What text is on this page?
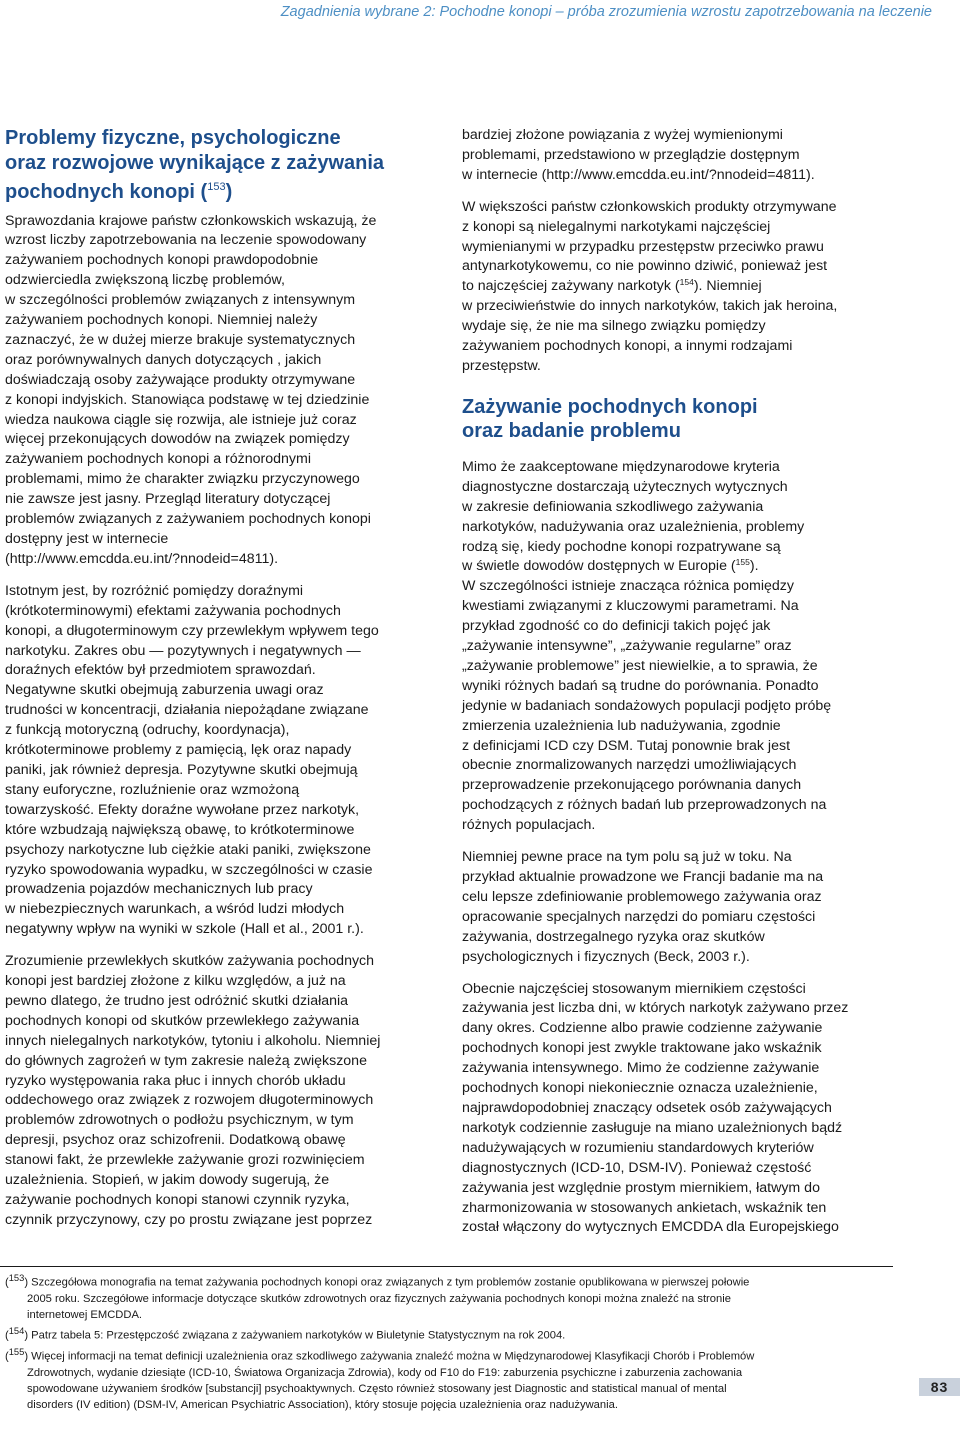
Zagadnienia wybrane 2: Pochodne konopi – próba zrozumienia wzrostu zapotrzebowania na leczenie
Problemy fizyczne, psychologiczne
oraz rozwojowe wynikające z zażywania
pochodnych konopi ($^{153}$)

Sprawozdania krajowe państw członkowskich wskazują, że
wzrost liczby zapotrzebowania na leczenie spowodowany
zażywaniem pochodnych konopi prawdopodobnie
odzwierciedla zwiększoną liczbę problemów,
w szczególności problemów związanych z intensywnym
zażywaniem pochodnych konopi. Niemniej należy
zaznaczyć, że w dużej mierze brakuje systematycznych
oraz porównywalnych danych dotyczących , jakich
doświadczają osoby zażywające produkty otrzymywane
z konopi indyjskich. Stanowiąca podstawę w tej dziedzinie
wiedza naukowa ciągle się rozwija, ale istnieje już coraz
więcej przekonujących dowodów na związek pomiędzy
zażywaniem pochodnych konopi a różnorodnymi
problemami, mimo że charakter związku przyczynowego
nie zawsze jest jasny. Przegląd literatury dotyczącej
problemów związanych z zażywaniem pochodnych konopi
dostępny jest w internecie
(http://www.emcdda.eu.int/?nnodeid=4811).

Istotnym jest, by rozróżnić pomiędzy doraźnymi
(krótkoterminowymi) efektami zażywania pochodnych
konopi, a długoterminowym czy przewlekłym wpływem tego
narkotyku. Zakres obu — pozytywnych i negatywnych —
doraźnych efektów był przedmiotem sprawozdań.
Negatywne skutki obejmują zaburzenia uwagi oraz
trudności w koncentracji, działania niepożądane związane
z funkcją motoryczną (odruchy, koordynacja),
krótkoterminowe problemy z pamięcią, lęk oraz napady
paniki, jak również depresja. Pozytywne skutki obejmują
stany euforyczne, rozluźnienie oraz wzmożoną
towarzyskość. Efekty doraźne wywołane przez narkotyk,
które wzbudzają największą obawę, to krótkoterminowe
psychozy narkotyczne lub ciężkie ataki paniki, zwiększone
ryzyko spowodowania wypadku, w szczególności w czasie
prowadzenia pojazdów mechanicznych lub pracy
w niebezpiecznych warunkach, a wśród ludzi młodych
negatywny wpływ na wyniki w szkole (Hall et al., 2001 r.).

Zrozumienie przewlekłych skutków zażywania pochodnych
konopi jest bardziej złożone z kilku względów, a już na
pewno dlatego, że trudno jest odróżnić skutki działania
pochodnych konopi od skutków przewlekłego zażywania
innych nielegalnych narkotyków, tytoniu i alkoholu. Niemniej
do głównych zagrożeń w tym zakresie należą zwiększone
ryzyko występowania raka płuc i innych chorób układu
oddechowego oraz związek z rozwojem długoterminowych
problemów zdrowotnych o podłożu psychicznym, w tym
depresji, psychoz oraz schizofrenii. Dodatkową obawę
stanowi fakt, że przewlekłe zażywanie grozi rozwinięciem
uzależnienia. Stopień, w jakim dowody sugerują, że
zażywanie pochodnych konopi stanowi czynnik ryzyka,
czynnik przyczynowy, czy po prostu związane jest poprzez

bardziej złożone powiązania z wyżej wymienionymi
problemami, przedstawiono w przeglądzie dostępnym
w internecie (http://www.emcdda.eu.int/?nnodeid=4811).

W większości państw członkowskich produkty otrzymywane
z konopi są nielegalnymi narkotykami najczęściej
wymienianymi w przypadku przestępstw przeciwko prawu
antynarkotykowemu, co nie powinno dziwić, ponieważ jest
to najczęściej zażywany narkotyk ($^{154}$). Niemniej
w przeciwieństwie do innych narkotyków, takich jak heroina,
wydaje się, że nie ma silnego związku pomiędzy
zażywaniem pochodnych konopi, a innymi rodzajami
przestępstw.

Zażywanie pochodnych konopi
oraz badanie problemu

Mimo że zaakceptowane międzynarodowe kryteria
diagnostyczne dostarczają użytecznych wytycznych
w zakresie definiowania szkodliwego zażywania
narkotyków, nadużywania oraz uzależnienia, problemy
rodzą się, kiedy pochodne konopi rozpatrywane są
w świetle dowodów dostępnych w Europie ($^{155}$).
W szczególności istnieje znacząca różnica pomiędzy
kwestiami związanymi z kluczowymi parametrami. Na
przykład zgodność co do definicji takich pojęć jak
„zażywanie intensywne”, „zażywanie regularne” oraz
„zażywanie problemowe” jest niewielkie, a to sprawia, że
wyniki różnych badań są trudne do porównania. Ponadto
jedynie w badaniach sondażowych populacji podjęto próbę
zmierzenia uzależnienia lub nadużywania, zgodnie
z definicjami ICD czy DSM. Tutaj ponownie brak jest
obecnie znormalizowanych narzędzi umożliwiających
przeprowadzenie przekonującego porównania danych
pochodzących z różnych badań lub przeprowadzonych na
różnych populacjach.

Niemniej pewne prace na tym polu są już w toku. Na
przykład aktualnie prowadzone we Francji badanie ma na
celu lepsze zdefiniowanie problemowego zażywania oraz
opracowanie specjalnych narzędzi do pomiaru częstości
zażywania, dostrzegalnego ryzyka oraz skutków
psychologicznych i fizycznych (Beck, 2003 r.).

Obecnie najczęściej stosowanym miernikiem częstości
zażywania jest liczba dni, w których narkotyk zażywano przez
dany okres. Codzienne albo prawie codzienne zażywanie
pochodnych konopi jest zwykle traktowane jako wskaźnik
zażywania intensywnego. Mimo że codzienne zażywanie
pochodnych konopi niekoniecznie oznacza uzależnienie,
najprawdopodobniej znaczący odsetek osób zażywających
narkotyk codziennie zasługuje na miano uzależnionych bądź
nadużywających w rozumieniu standardowych kryteriów
diagnostycznych (ICD-10, DSM-IV). Ponieważ częstość
zażywania jest względnie prostym miernikiem, łatwym do
zharmonizowania w stosowanych ankietach, wskaźnik ten
został włączony do wytycznych EMCDDA dla Europejskiego

($^{153}$) Szczegółowa monografia na temat zażywania pochodnych konopi oraz związanych z tym problemów zostanie opublikowana w pierwszej połowie
2005 roku. Szczegółowe informacje dotyczące skutków zdrowotnych oraz fizycznych zażywania pochodnych konopi można znaleźć na stronie
internetowej EMCDDA.
($^{154}$) Patrz tabela 5: Przestępczość związana z zażywaniem narkotyków w Biuletynie Statystycznym na rok 2004.
($^{155}$) Więcej informacji na temat definicji uzależnienia oraz szkodliwego zażywania znaleźć można w Międzynarodowej Klasyfikacji Chorób i Problemów
Zdrowotnych, wydanie dziesiąte (ICD-10, Światowa Organizacja Zdrowia), kody od F10 do F19: zaburzenia psychiczne i zaburzenia zachowania
spowodowane używaniem środków [substancji] psychoaktywnych. Często również stosowany jest Diagnostic and statistical manual of mental
disorders (IV edition) (DSM-IV, American Psychiatric Association), który stosuje pojęcia uzależnienia oraz nadużywania.
83
